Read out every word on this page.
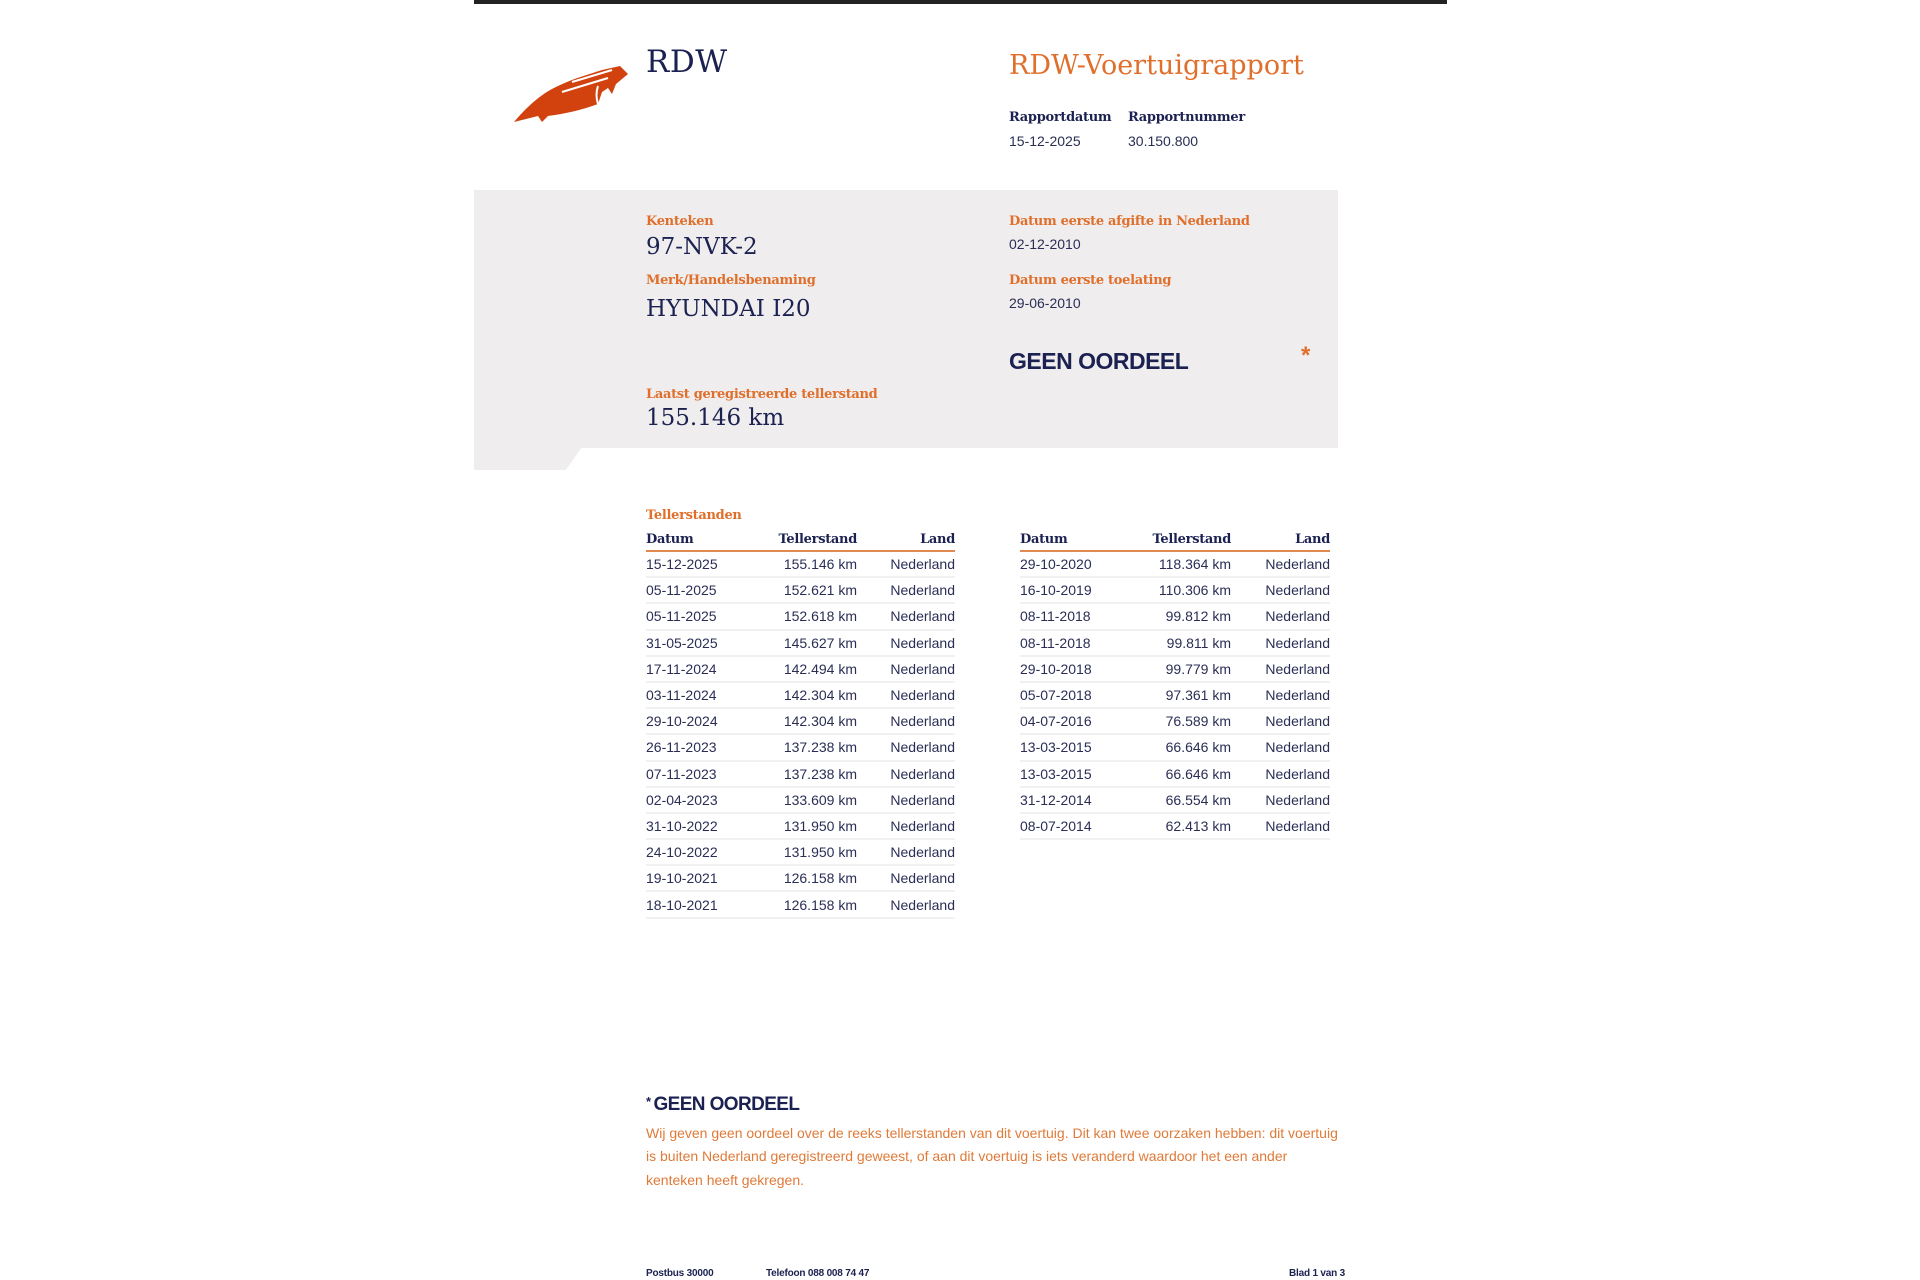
RDW	RDW-Voertuigrapport
Rapportdatum
15-12-2025
Rapportnummer
30.150.800
Kenteken
97-NVK-2
Merk/Handelsbenaming
HYUNDAI I20
Laatst geregistreerde tellerstand
155.146 km
Datum eerste afgifte in Nederland
02-12-2010
Datum eerste toelating
29-06-2010
GEEN OORDEEL	*
Tellerstanden
Datum	Tellerstand	Land
15-12-2025	155.146 km	Nederland
05-11-2025	152.621 km	Nederland
05-11-2025	152.618 km	Nederland
31-05-2025	145.627 km	Nederland
17-11-2024	142.494 km	Nederland
03-11-2024	142.304 km	Nederland
29-10-2024	142.304 km	Nederland
26-11-2023	137.238 km	Nederland
07-11-2023	137.238 km	Nederland
02-04-2023	133.609 km	Nederland
31-10-2022	131.950 km	Nederland
24-10-2022	131.950 km	Nederland
19-10-2021	126.158 km	Nederland
18-10-2021	126.158 km	Nederland
Datum	Tellerstand	Land
29-10-2020	118.364 km	Nederland
16-10-2019	110.306 km	Nederland
08-11-2018	99.812 km	Nederland
08-11-2018	99.811 km	Nederland
29-10-2018	99.779 km	Nederland
05-07-2018	97.361 km	Nederland
04-07-2016	76.589 km	Nederland
13-03-2015	66.646 km	Nederland
13-03-2015	66.646 km	Nederland
31-12-2014	66.554 km	Nederland
08-07-2014	62.413 km	Nederland
* GEEN OORDEEL
Wij geven geen oordeel over de reeks tellerstanden van dit voertuig. Dit kan twee oorzaken hebben: dit voertuig is buiten Nederland geregistreerd geweest, of aan dit voertuig is iets veranderd waardoor het een ander kenteken heeft gekregen.
Postbus 30000	Telefoon 088 008 74 47	Blad 1 van 3
